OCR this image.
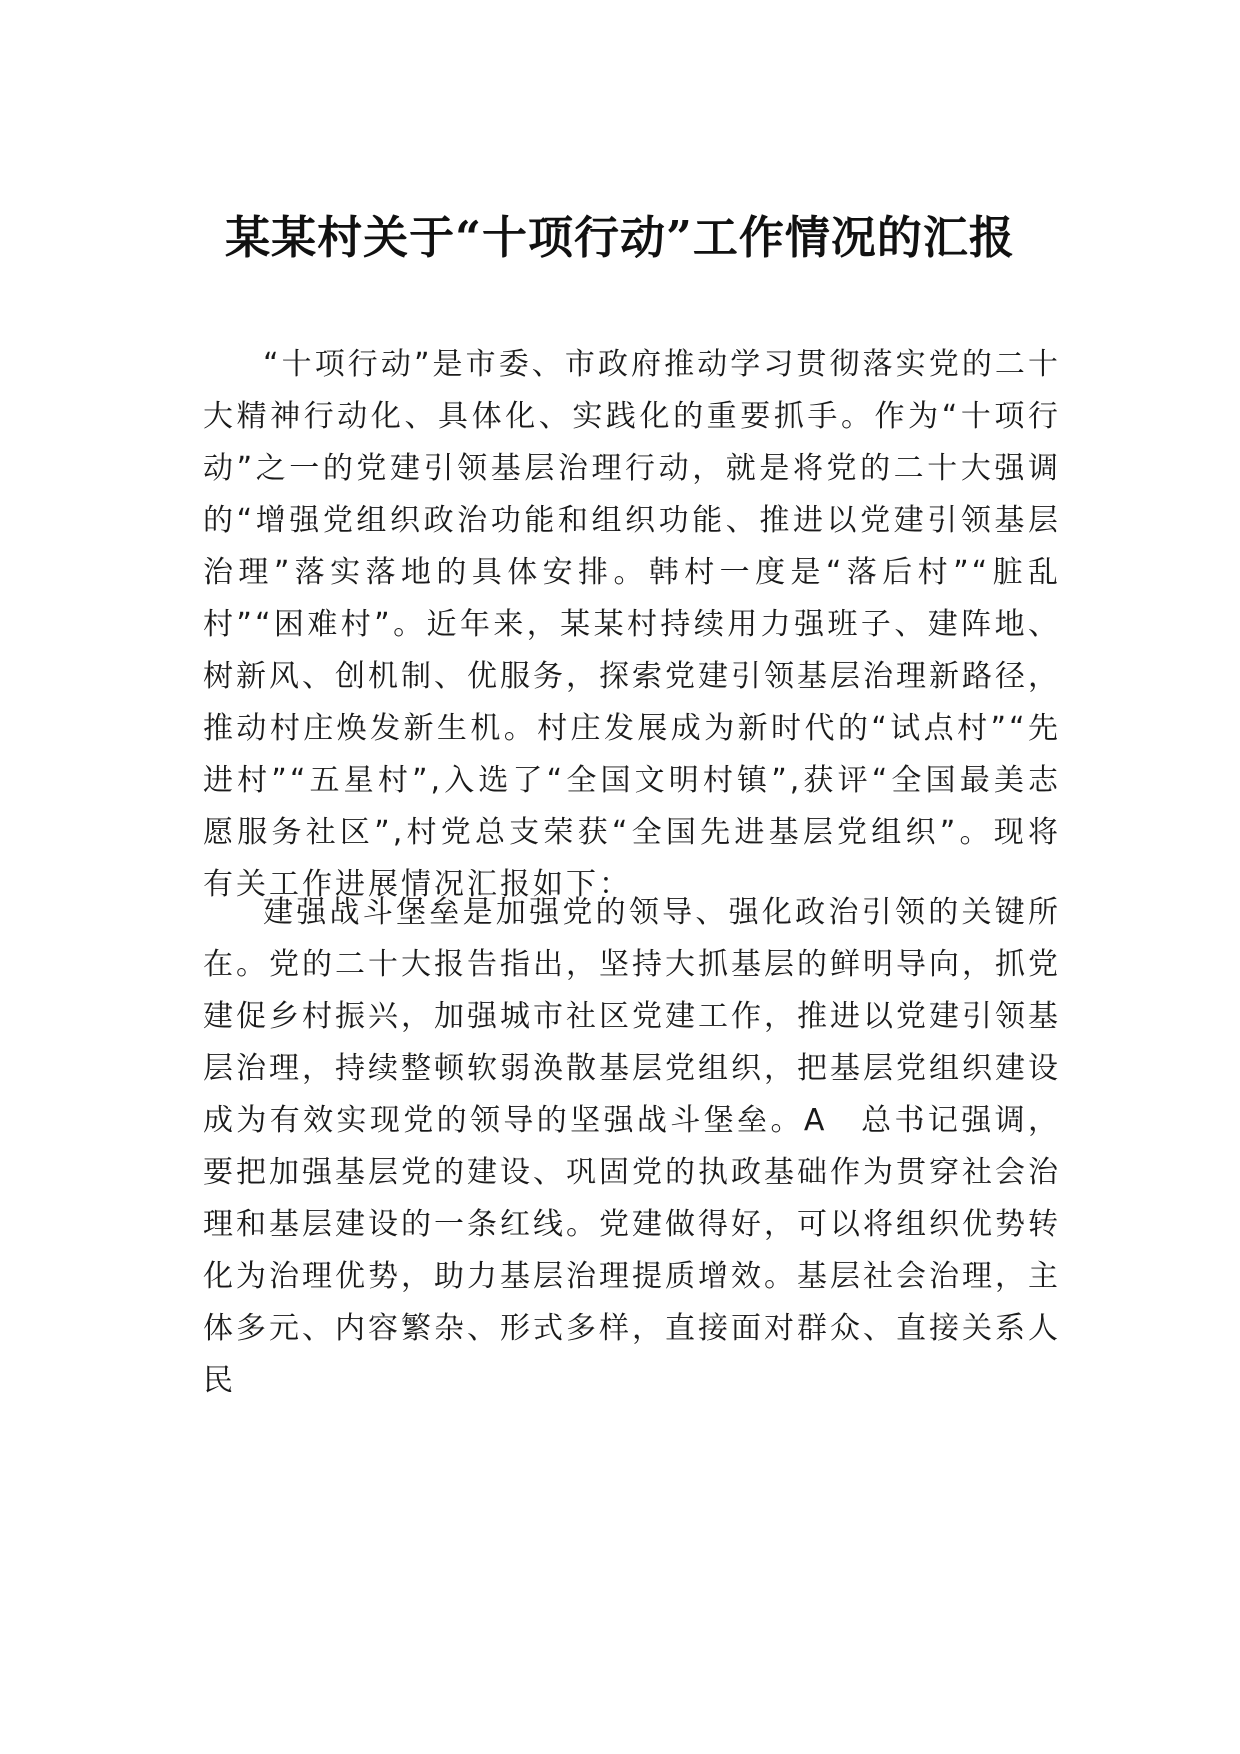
某某村关于“十项行动”工作情况的汇报

“十项行动”是市委、市政府推动学习贯彻落实党的二十大精神行动化、具体化、实践化的重要抓手。作为“十项行动”之一的党建引领基层治理行动，就是将党的二十大强调的“增强党组织政治功能和组织功能、推进以党建引领基层治理”落实落地的具体安排。韩村一度是“落后村”“脏乱村”“困难村”。近年来，某某村持续用力强班子、建阵地、树新风、创机制、优服务，探索党建引领基层治理新路径，推动村庄焕发新生机。村庄发展成为新时代的“试点村”“先进村”“五星村”,入选了“全国文明村镇”,获评“全国最美志愿服务社区”,村党总支荣获“全国先进基层党组织”。现将有关工作进展情况汇报如下：

建强战斗堡垒是加强党的领导、强化政治引领的关键所在。党的二十大报告指出，坚持大抓基层的鲜明导向，抓党建促乡村振兴，加强城市社区党建工作，推进以党建引领基层治理，持续整顿软弱涣散基层党组织，把基层党组织建设成为有效实现党的领导的坚强战斗堡垒。A　总书记强调，要把加强基层党的建设、巩固党的执政基础作为贯穿社会治理和基层建设的一条红线。党建做得好，可以将组织优势转化为治理优势，助力基层治理提质增效。基层社会治理，主体多元、内容繁杂、形式多样，直接面对群众、直接关系人民
